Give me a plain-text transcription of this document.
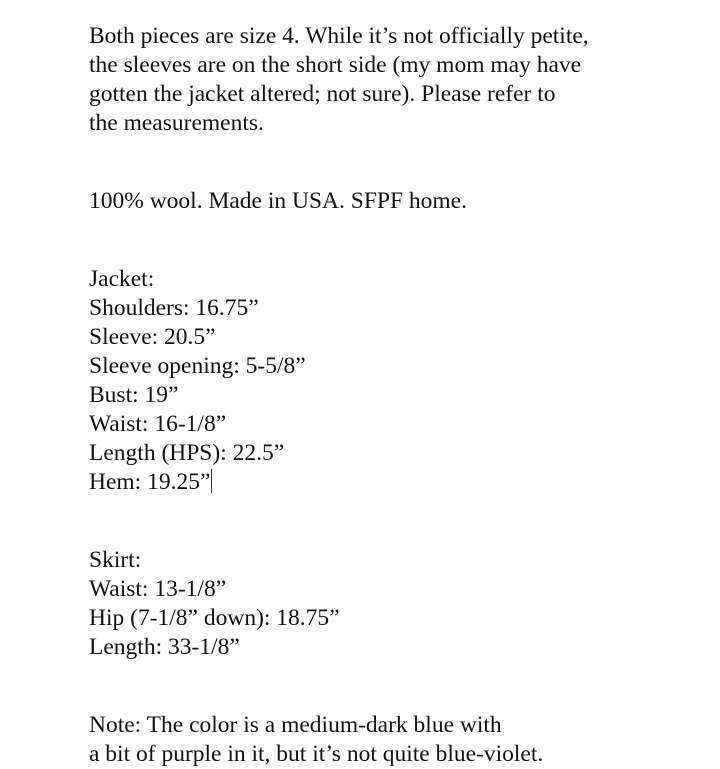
Both pieces are size 4. While it’s not officially petite,
the sleeves are on the short side (my mom may have
gotten the jacket altered; not sure). Please refer to
the measurements.
100% wool. Made in USA. SFPF home.
Jacket:
Shoulders: 16.75”
Sleeve: 20.5”
Sleeve opening: 5-5/8”
Bust: 19”
Waist: 16-1/8”
Length (HPS): 22.5”
Hem: 19.25”
Skirt:
Waist: 13-1/8”
Hip (7-1/8” down): 18.75”
Length: 33-1/8”
Note: The color is a medium-dark blue with
a bit of purple in it, but it’s not quite blue-violet.
